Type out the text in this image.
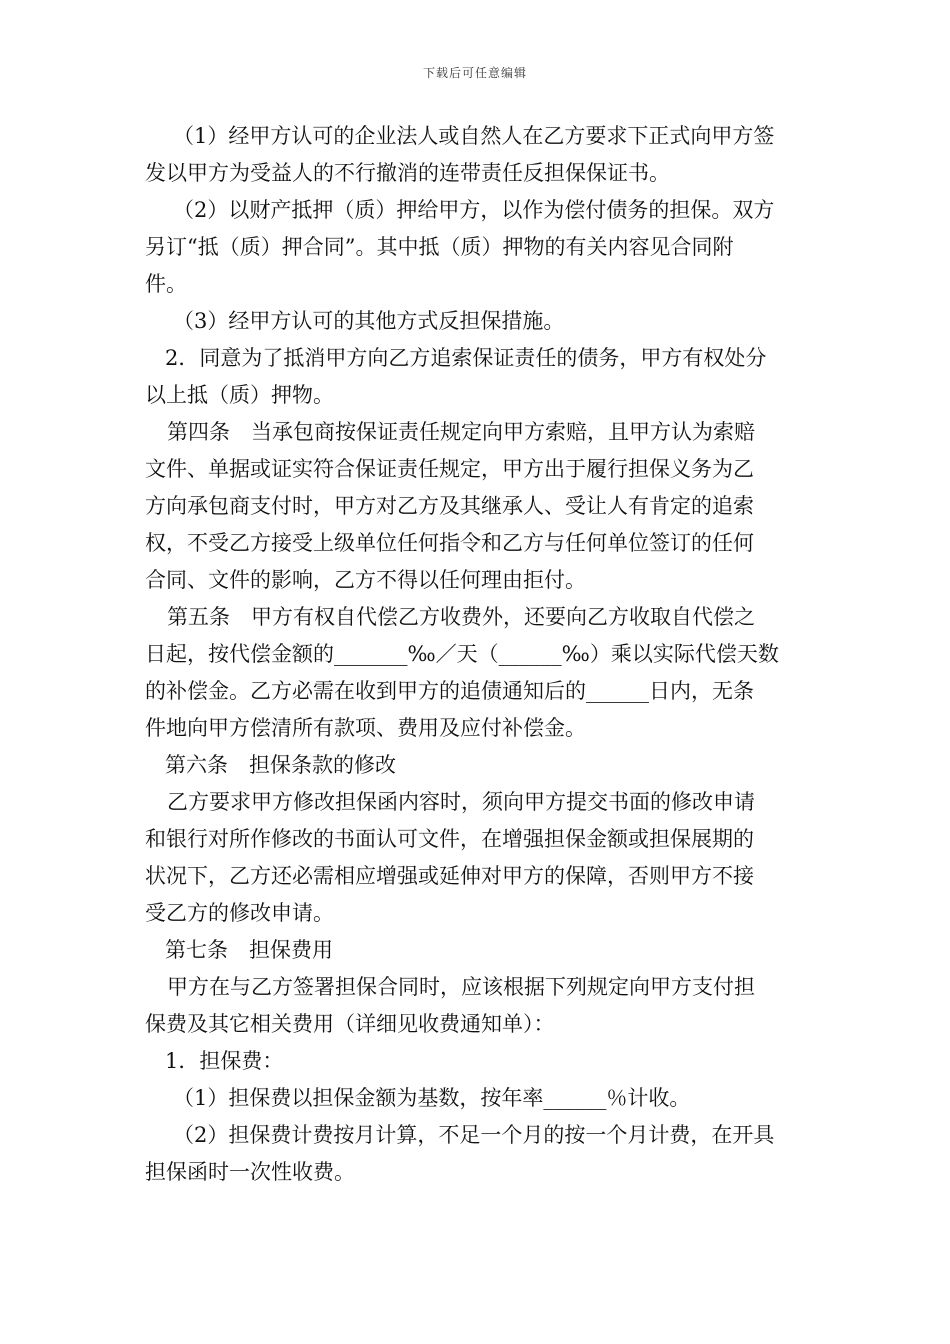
下载后可任意编辑
（1）经甲方认可的企业法人或自然人在乙方要求下正式向甲方签
发以甲方为受益人的不行撤消的连带责任反担保保证书。
（2）以财产抵押（质）押给甲方，以作为偿付债务的担保。双方
另订“抵（质）押合同”。其中抵（质）押物的有关内容见合同附
件。
（3）经甲方认可的其他方式反担保措施。
2．同意为了抵消甲方向乙方追索保证责任的债务，甲方有权处分
以上抵（质）押物。
第四条　当承包商按保证责任规定向甲方索赔，且甲方认为索赔
文件、单据或证实符合保证责任规定，甲方出于履行担保义务为乙
方向承包商支付时，甲方对乙方及其继承人、受让人有肯定的追索
权，不受乙方接受上级单位任何指令和乙方与任何单位签订的任何
合同、文件的影响，乙方不得以任何理由拒付。
第五条　甲方有权自代偿乙方收费外，还要向乙方收取自代偿之
日起，按代偿金额的_______‰／天（______‰）乘以实际代偿天数
的补偿金。乙方必需在收到甲方的追债通知后的______日内，无条
件地向甲方偿清所有款项、费用及应付补偿金。
第六条　担保条款的修改
乙方要求甲方修改担保函内容时，须向甲方提交书面的修改申请
和银行对所作修改的书面认可文件，在增强担保金额或担保展期的
状况下，乙方还必需相应增强或延伸对甲方的保障，否则甲方不接
受乙方的修改申请。
第七条　担保费用
甲方在与乙方签署担保合同时，应该根据下列规定向甲方支付担
保费及其它相关费用（详细见收费通知单）：
1．担保费：
（1）担保费以担保金额为基数，按年率______％计收。
（2）担保费计费按月计算，不足一个月的按一个月计费，在开具
担保函时一次性收费。
